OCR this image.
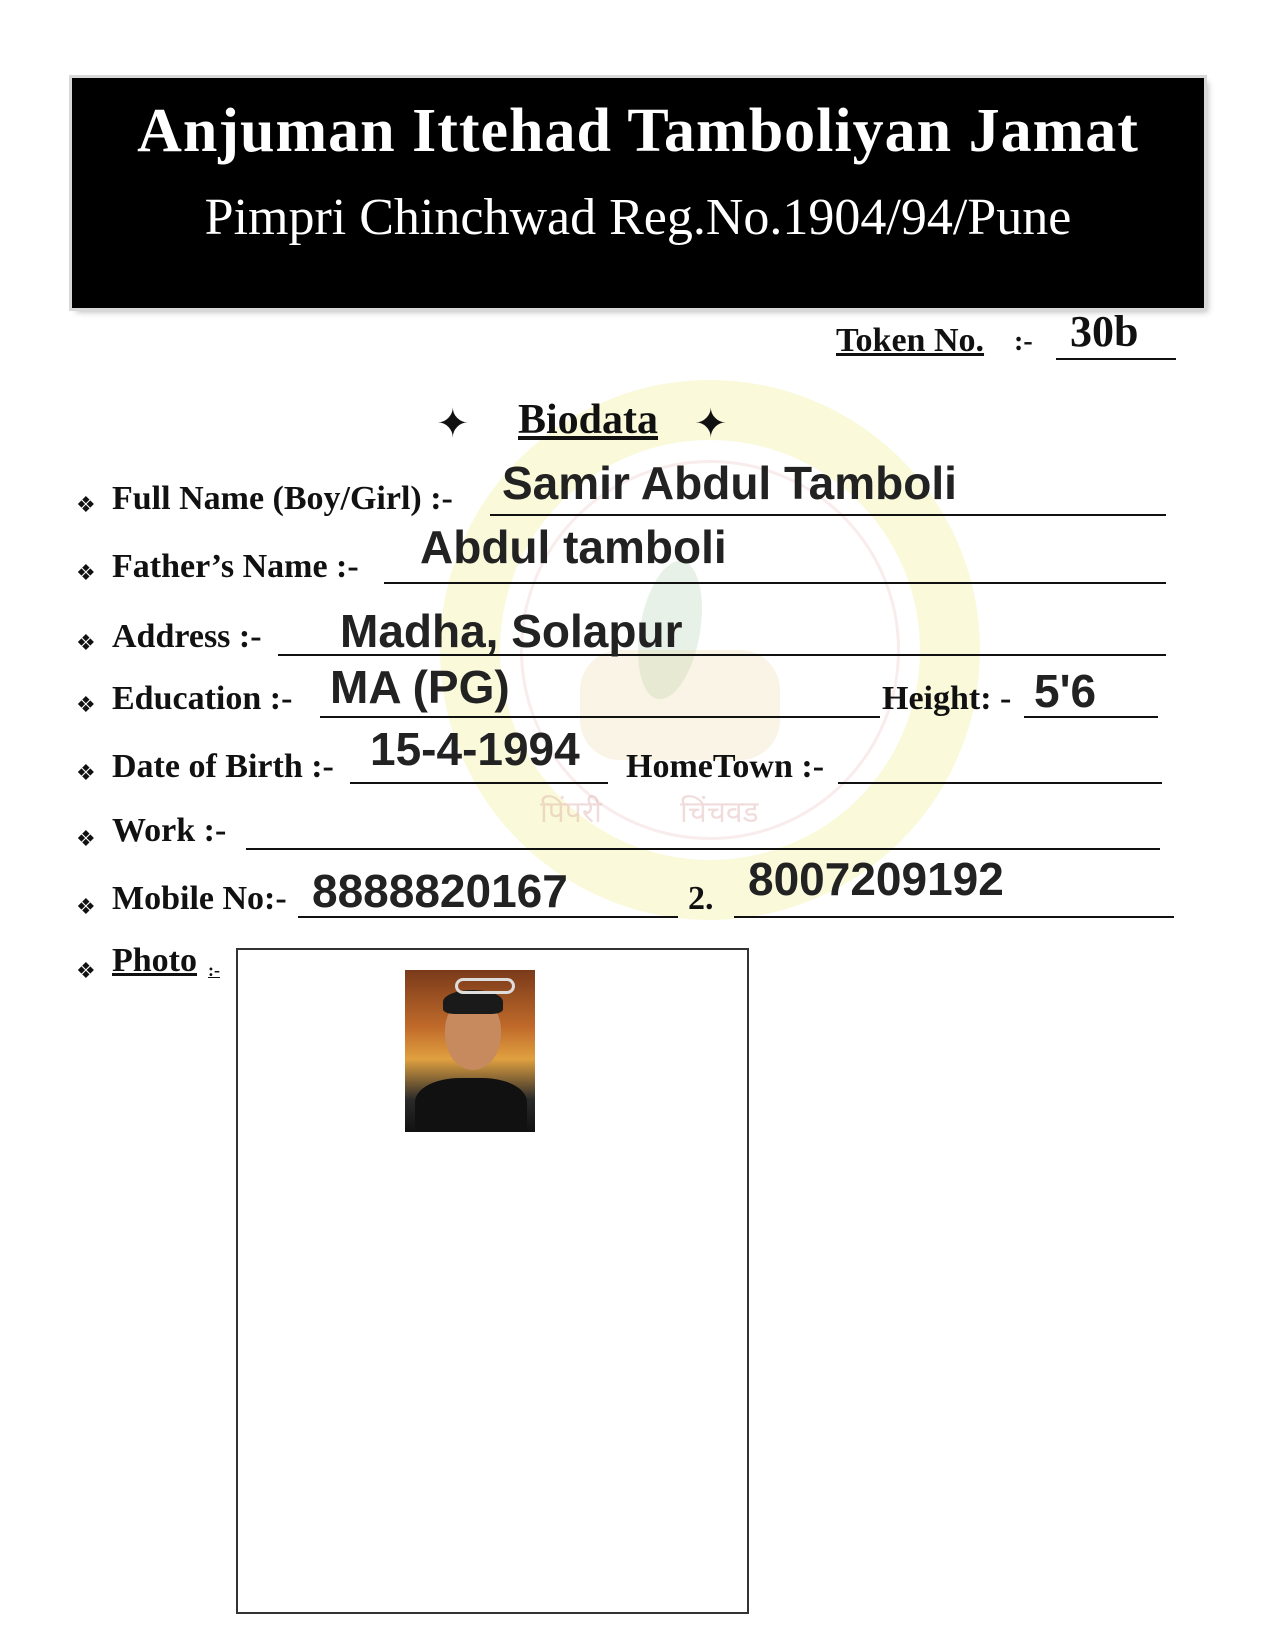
Anjuman Ittehad Tamboliyan Jamat
Pimpri Chinchwad Reg.No.1904/94/Pune
पिंपरी	चिंचवड
Token No. :- 30b
✦ Biodata ✦
❖ Full Name (Boy/Girl) :- Samir Abdul Tamboli
❖ Father’s Name :- Abdul tamboli
❖ Address :- Madha, Solapur
❖ Education :- MA (PG)	Height: - 5'6
❖ Date of Birth :- 15-4-1994 HomeTown :-
❖ Work :-
❖ Mobile No:- 8888820167	2. 8007209192
❖ Photo :-
